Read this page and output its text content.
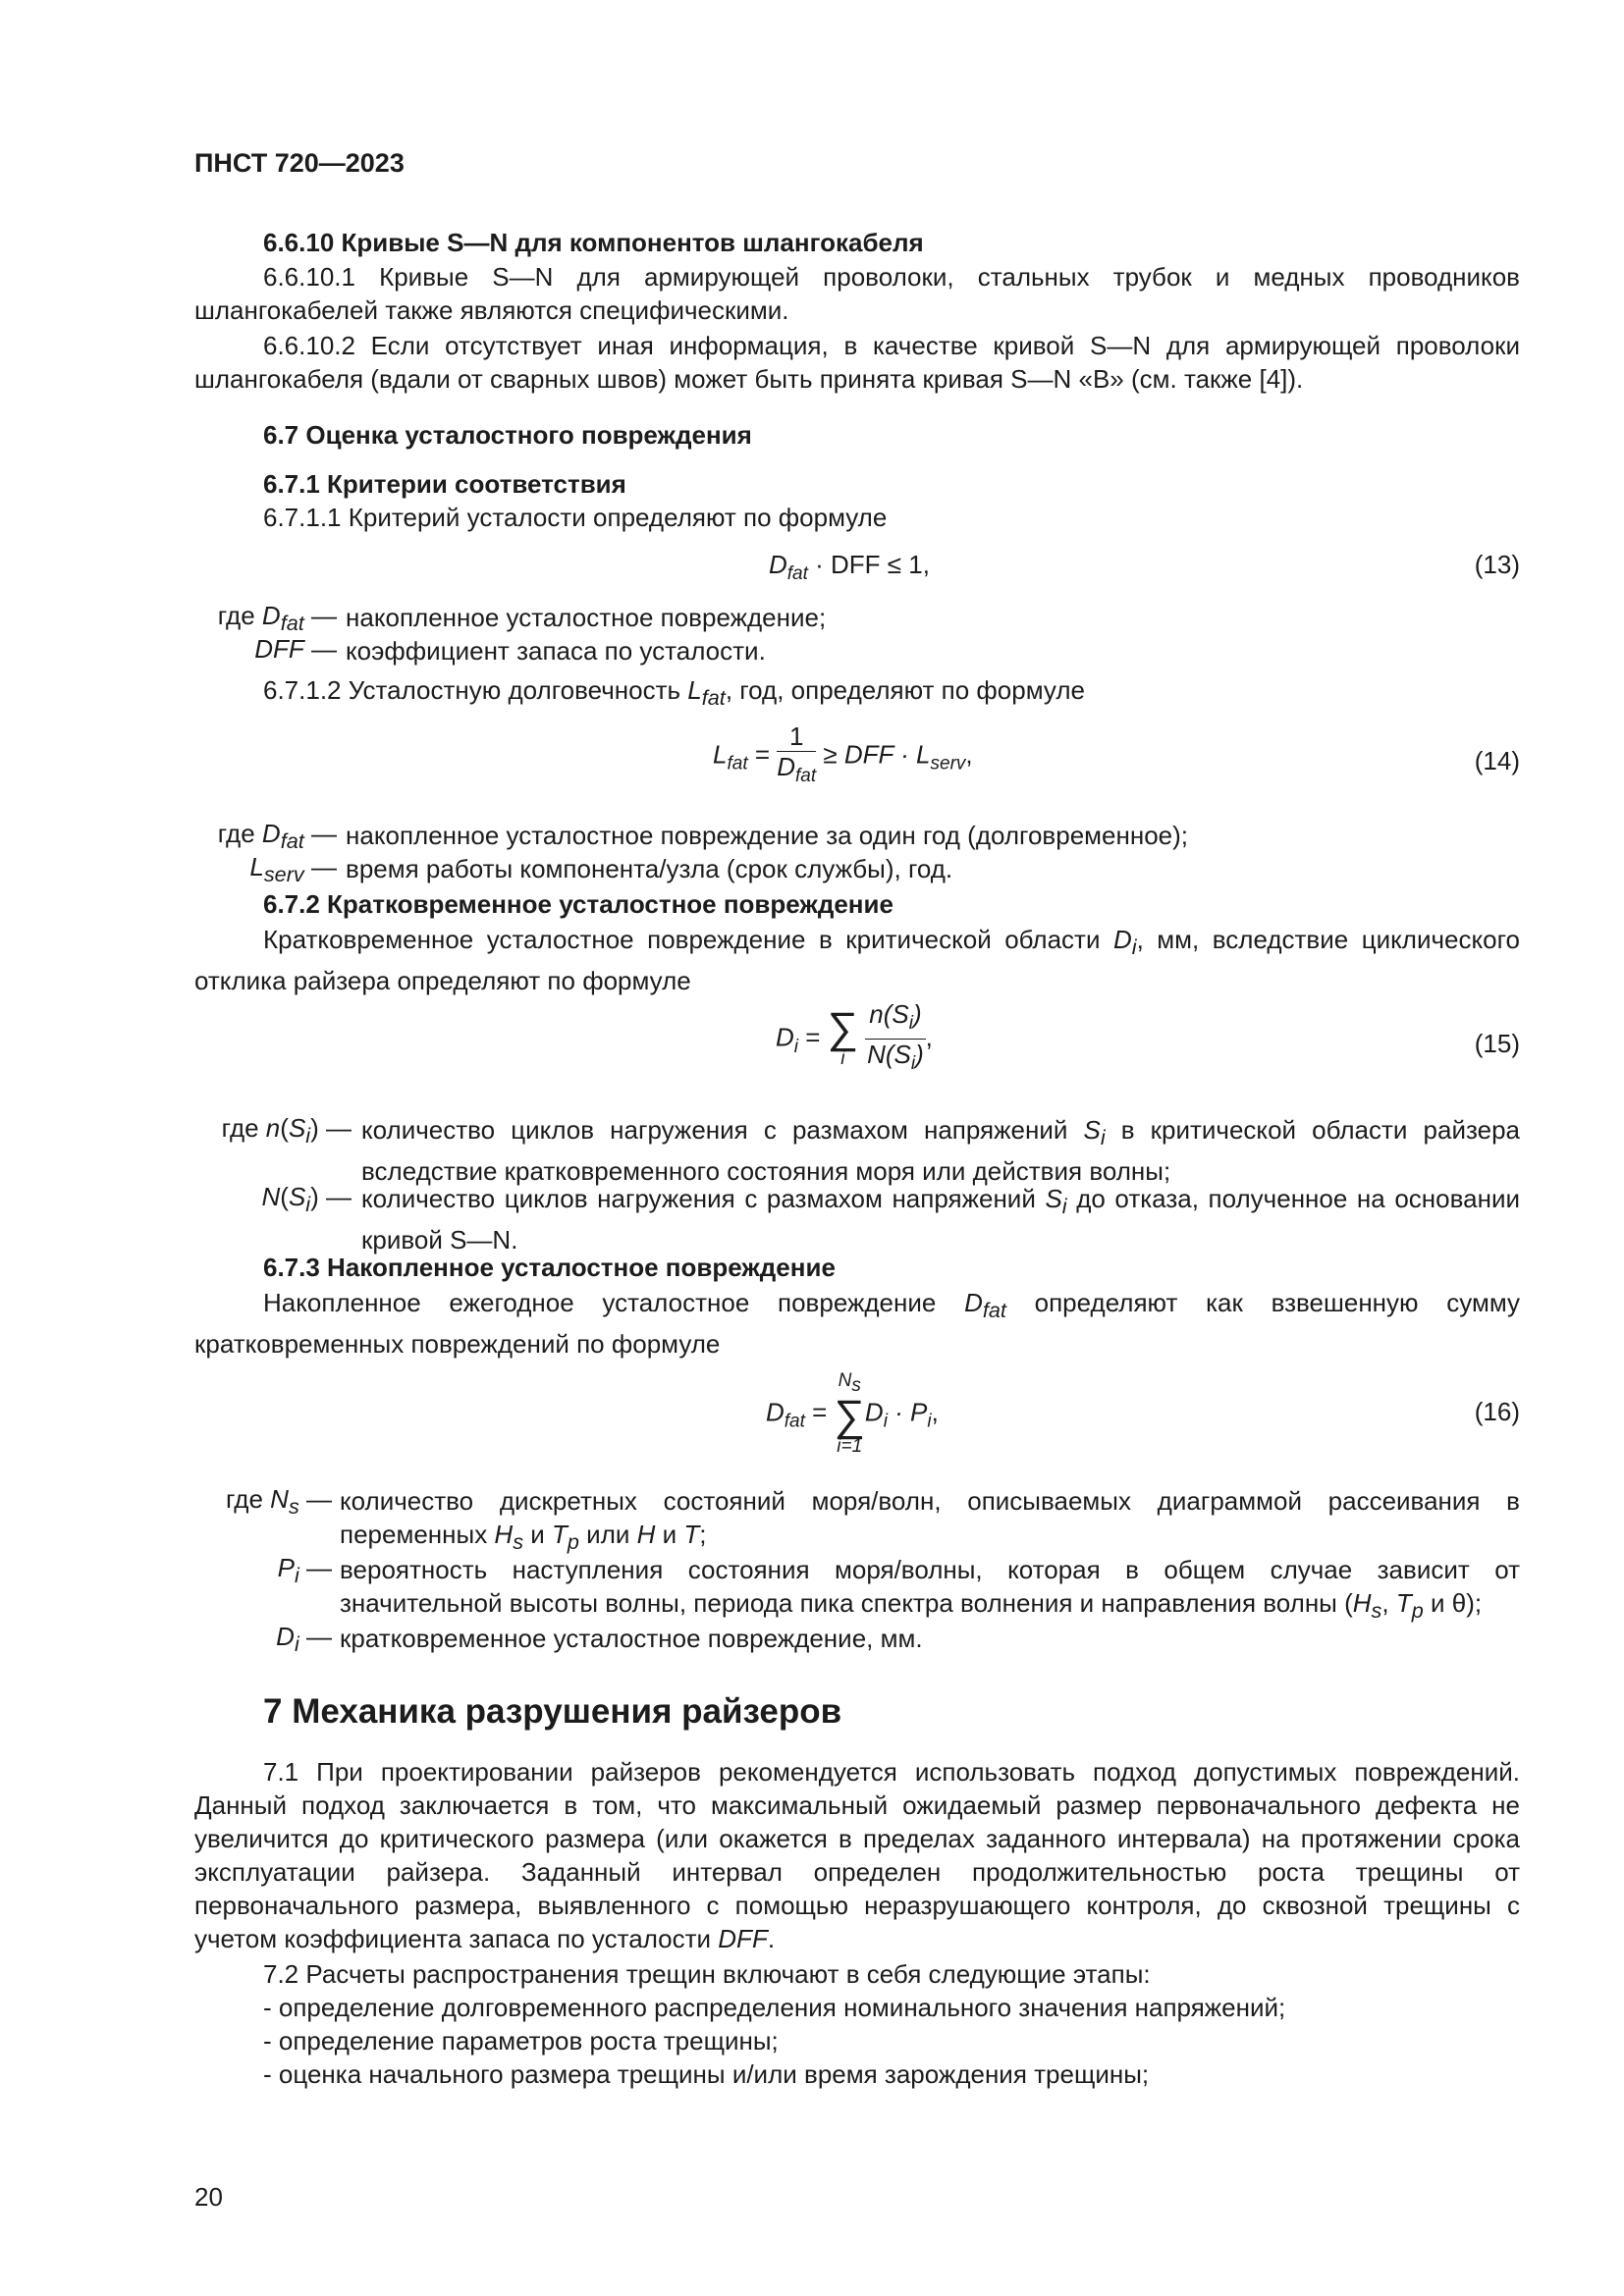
ПНСТ 720—2023
6.6.10 Кривые S—N для компонентов шлангокабеля
6.6.10.1 Кривые S—N для армирующей проволоки, стальных трубок и медных проводников шлангокабелей также являются специфическими.
6.6.10.2 Если отсутствует иная информация, в качестве кривой S—N для армирующей проволоки шлангокабеля (вдали от сварных швов) может быть принята кривая S—N «B» (см. также [4]).
6.7 Оценка усталостного повреждения
6.7.1 Критерии соответствия
6.7.1.1 Критерий усталости определяют по формуле
$D_{fat}$ · DFF ≤ 1,	(13)
где $D_{fat}$ — накопленное усталостное повреждение;
DFF — коэффициент запаса по усталости.
6.7.1.2 Усталостную долговечность $L_{fat}$, год, определяют по формуле
$L_{fat} = \frac{1}{D_{fat}}$ ≥ DFF · $L_{serv}$,	(14)
где $D_{fat}$ — накопленное усталостное повреждение за один год (долговременное);
$L_{serv}$ — время работы компонента/узла (срок службы), год.
6.7.2 Кратковременное усталостное повреждение
Кратковременное усталостное повреждение в критической области $D_i$, мм, вследствие циклического отклика райзера определяют по формуле
$D_i$ = ∑
i
$\frac{n(S_i)}{N(S_i)}$ ,	(15)
где $n(S_i)$ — количество циклов нагружения с размахом напряжений $S_i$ в критической области райзера вследствие кратковременного состояния моря или действия волны;
$N(S_i)$ — количество циклов нагружения с размахом напряжений $S_i$ до отказа, полученное на основании кривой S—N.
6.7.3 Накопленное усталостное повреждение
Накопленное ежегодное усталостное повреждение $D_{fat}$ определяют как взвешенную сумму кратковременных повреждений по формуле
$D_{fat}$ =
$N_s$
∑
i=1
$D_i \cdot P_i$,	(16)
где $N_s$ — количество дискретных состояний моря/волн, описываемых диаграммой рассеивания в переменных $H_s$ и $T_p$ или H и T;
$P_i$ — вероятность наступления состояния моря/волны, которая в общем случае зависит от значительной высоты волны, периода пика спектра волнения и направления волны ($H_s$, $T_p$ и θ);
$D_i$ — кратковременное усталостное повреждение, мм.
7 Механика разрушения райзеров
7.1 При проектировании райзеров рекомендуется использовать подход допустимых повреждений. Данный подход заключается в том, что максимальный ожидаемый размер первоначального дефекта не увеличится до критического размера (или окажется в пределах заданного интервала) на протяжении срока эксплуатации райзера. Заданный интервал определен продолжительностью роста трещины от первоначального размера, выявленного с помощью неразрушающего контроля, до сквозной трещины с учетом коэффициента запаса по усталости DFF.
7.2 Расчеты распространения трещин включают в себя следующие этапы:
- определение долговременного распределения номинального значения напряжений;
- определение параметров роста трещины;
- оценка начального размера трещины и/или время зарождения трещины;
20
